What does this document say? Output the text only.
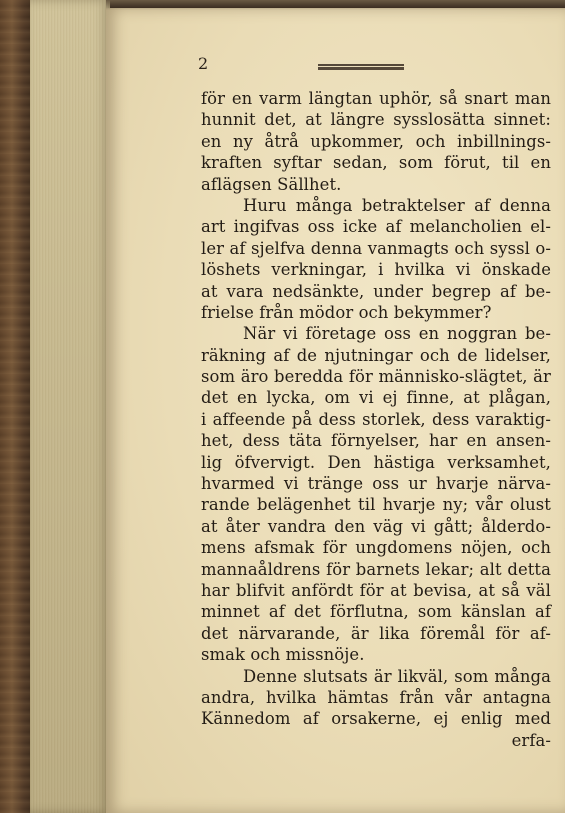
2
för en varm längtan uphör, så snart man
hunnit det, at längre sysslosätta sinnet:
en ny åtrå upkommer, och inbillnings-
kraften syftar sedan, som förut, til en
aflägsen Sällhet.
Huru många betraktelser af denna
art ingifvas oss icke af melancholien el-
ler af sjelfva denna vanmagts och syssl o-
löshets verkningar, i hvilka vi önskade
at vara nedsänkte, under begrep af be-
frielse från mödor och bekymmer?
När vi företage oss en noggran be-
räkning af de njutningar och de lidelser,
som äro beredda för människo-slägtet, är
det en lycka, om vi ej finne, at plågan,
i affeende på dess storlek, dess varaktig-
het, dess täta förnyelser, har en ansen-
lig öfvervigt. Den hästiga verksamhet,
hvarmed vi tränge oss ur hvarje närva-
rande belägenhet til hvarje ny; vår olust
at åter vandra den väg vi gått; ålderdo-
mens afsmak för ungdomens nöjen, och
mannaåldrens för barnets lekar; alt detta
har blifvit anfördt för at bevisa, at så väl
minnet af det förflutna, som känslan af
det närvarande, är lika föremål för af-
smak och missnöje.
Denne slutsats är likväl, som många
andra, hvilka hämtas från vår antagna
Kännedom af orsakerne, ej enlig med
erfa-
